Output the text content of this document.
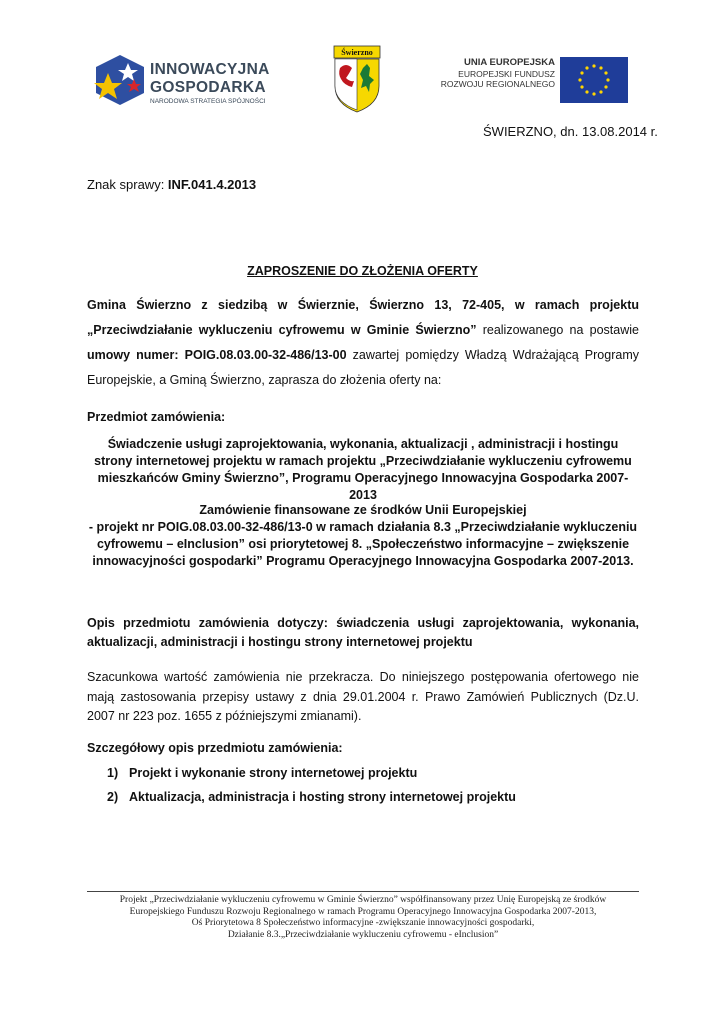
INNOWACYJNA
GOSPODARKA
NARODOWA STRATEGIA SPÓJNOŚCI
Świerzno
UNIA EUROPEJSKA
EUROPEJSKI FUNDUSZ
ROZWOJU REGIONALNEGO
ŚWIERZNO, dn. 13.08.2014 r.
Znak sprawy: INF.041.4.2013
ZAPROSZENIE DO ZŁOŻENIA OFERTY
Gmina Świerzno z siedzibą w Świerznie, Świerzno 13, 72-405, w ramach projektu „Przeciwdziałanie wykluczeniu cyfrowemu w Gminie Świerzno” realizowanego na postawie umowy numer: POIG.08.03.00-32-486/13-00 zawartej pomiędzy Władzą Wdrażającą Programy Europejskie, a Gminą Świerzno, zaprasza do złożenia oferty na:
Przedmiot zamówienia:
Świadczenie usługi zaprojektowania, wykonania, aktualizacji , administracji i hostingu strony internetowej projektu w ramach projektu „Przeciwdziałanie wykluczeniu cyfrowemu mieszkańców Gminy Świerzno”, Programu Operacyjnego Innowacyjna Gospodarka 2007-2013
Zamówienie finansowane ze środków Unii Europejskiej
- projekt nr POIG.08.03.00-32-486/13-0 w ramach działania 8.3 „Przeciwdziałanie wykluczeniu cyfrowemu – eInclusion” osi priorytetowej 8. „Społeczeństwo informacyjne – zwiększenie innowacyjności gospodarki” Programu Operacyjnego Innowacyjna Gospodarka 2007-2013.
Opis przedmiotu zamówienia dotyczy: świadczenia usługi zaprojektowania, wykonania, aktualizacji, administracji i hostingu strony internetowej projektu
Szacunkowa wartość zamówienia nie przekracza. Do niniejszego postępowania ofertowego nie mają zastosowania przepisy ustawy z dnia 29.01.2004 r. Prawo Zamówień Publicznych (Dz.U. 2007 nr 223 poz. 1655 z późniejszymi zmianami).
Szczegółowy opis przedmiotu zamówienia:
1) Projekt i wykonanie strony internetowej projektu
2) Aktualizacja, administracja i hosting strony internetowej projektu
Projekt „Przeciwdziałanie wykluczeniu cyfrowemu w Gminie Świerzno” współfinansowany przez Unię Europejską ze środków
Europejskiego Funduszu Rozwoju Regionalnego w ramach Programu Operacyjnego Innowacyjna Gospodarka 2007-2013,
Oś Priorytetowa 8 Społeczeństwo informacyjne -zwiększanie innowacyjności gospodarki,
Działanie 8.3.„Przeciwdziałanie wykluczeniu cyfrowemu - eInclusion”
